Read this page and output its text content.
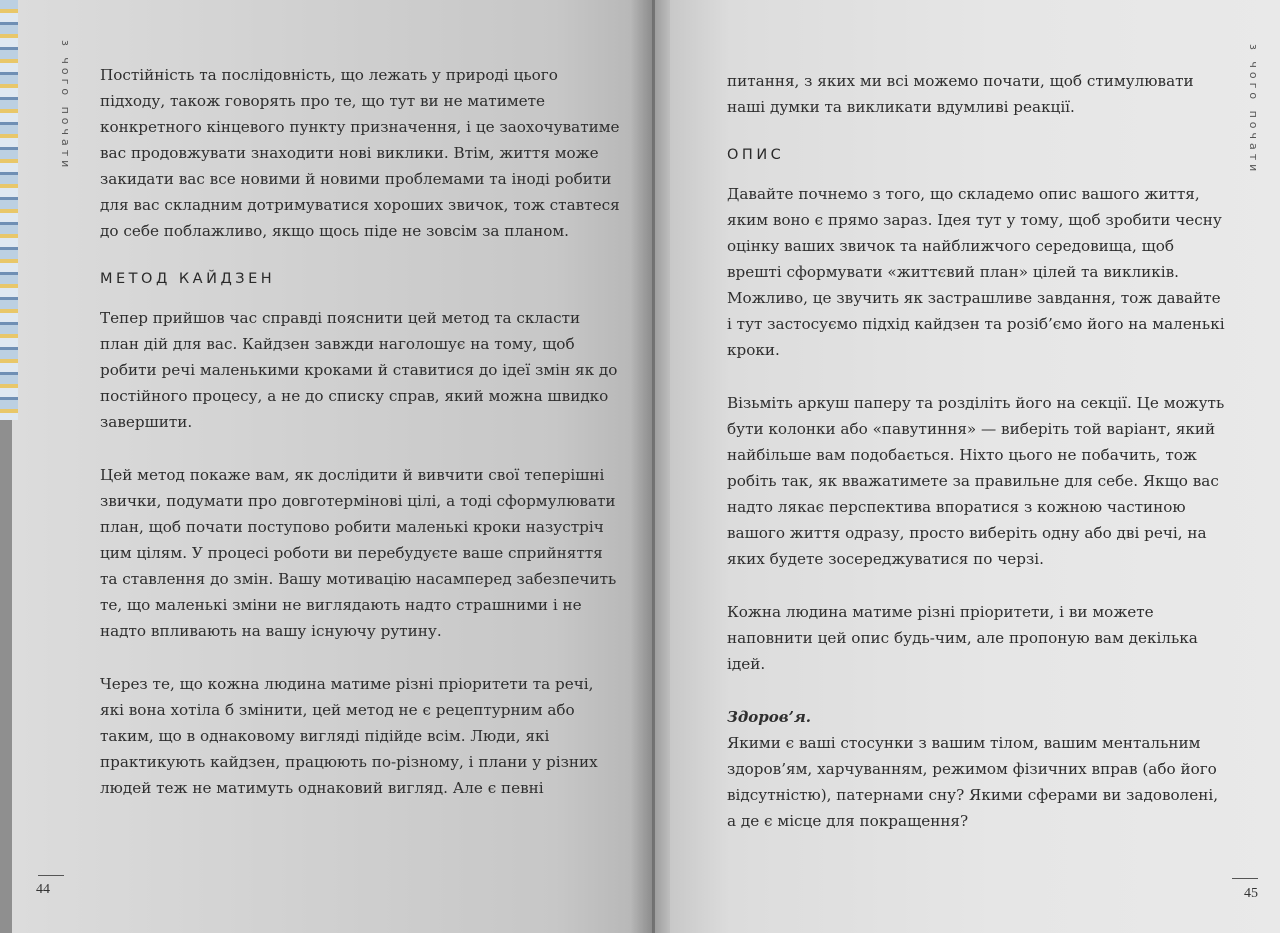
з чого почати Постійність та послідовність, що лежать у природі цього підходу, також говорять про те, що тут ви не матимете конкретного кінцевого пункту призначення, і це заохочуватиме вас продовжувати знаходити нові виклики. Втім, життя може закидати вас все новими й новими проблемами та іноді робити для вас складним дотримуватися хороших звичок, тож ставтеся до себе поблажливо, якщо щось піде не зовсім за планом.

МЕТОД КАЙДЗЕН

Тепер прийшов час справді пояснити цей метод та скласти план дій для вас. Кайдзен завжди наголошує на тому, щоб робити речі маленькими кроками й ставитися до ідеї змін як до постійного процесу, а не до списку справ, який можна швидко завершити.

Цей метод покаже вам, як дослідити й вивчити свої теперішні звички, подумати про довготермінові цілі, а тоді сформулювати план, щоб почати поступово робити маленькі кроки назустріч цим цілям. У процесі роботи ви перебудуєте ваше сприйняття та ставлення до змін. Вашу мотивацію насамперед забезпечить те, що маленькі зміни не виглядають надто страшними і не надто впливають на вашу існуючу рутину.

Через те, що кожна людина матиме різні пріоритети та речі, які вона хотіла б змінити, цей метод не є рецептурним або таким, що в однаковому вигляді підійде всім. Люди, які практикують кайдзен, працюють по-різному, і плани у різних людей теж не матимуть однаковий вигляд. Але є певні

44
з чого почати

питання, з яких ми всі можемо почати, щоб стимулювати наші думки та викликати вдумливі реакції.

ОПИС

Давайте почнемо з того, що складемо опис вашого життя, яким воно є прямо зараз. Ідея тут у тому, щоб зробити чесну оцінку ваших звичок та найближчого середовища, щоб врешті сформувати «життєвий план» цілей та викликів. Можливо, це звучить як застрашливе завдання, тож давайте і тут застосуємо підхід кайдзен та розіб’ємо його на маленькі кроки.

Візьміть аркуш паперу та розділіть його на секції. Це можуть бути колонки або «павутиння» — виберіть той варіант, який найбільше вам подобається. Ніхто цього не побачить, тож робіть так, як вважатимете за правильне для себе. Якщо вас надто лякає перспектива впоратися з кожною частиною вашого життя одразу, просто виберіть одну або дві речі, на яких будете зосереджуватися по черзі.

Кожна людина матиме різні пріоритети, і ви можете наповнити цей опис будь-чим, але пропоную вам декілька ідей.

Здоров’я.

Якими є ваші стосунки з вашим тілом, вашим ментальним здоров’ям, харчуванням, режимом фізичних вправ (або його відсутністю), патернами сну? Якими сферами ви задоволені, а де є місце для покращення?

45
